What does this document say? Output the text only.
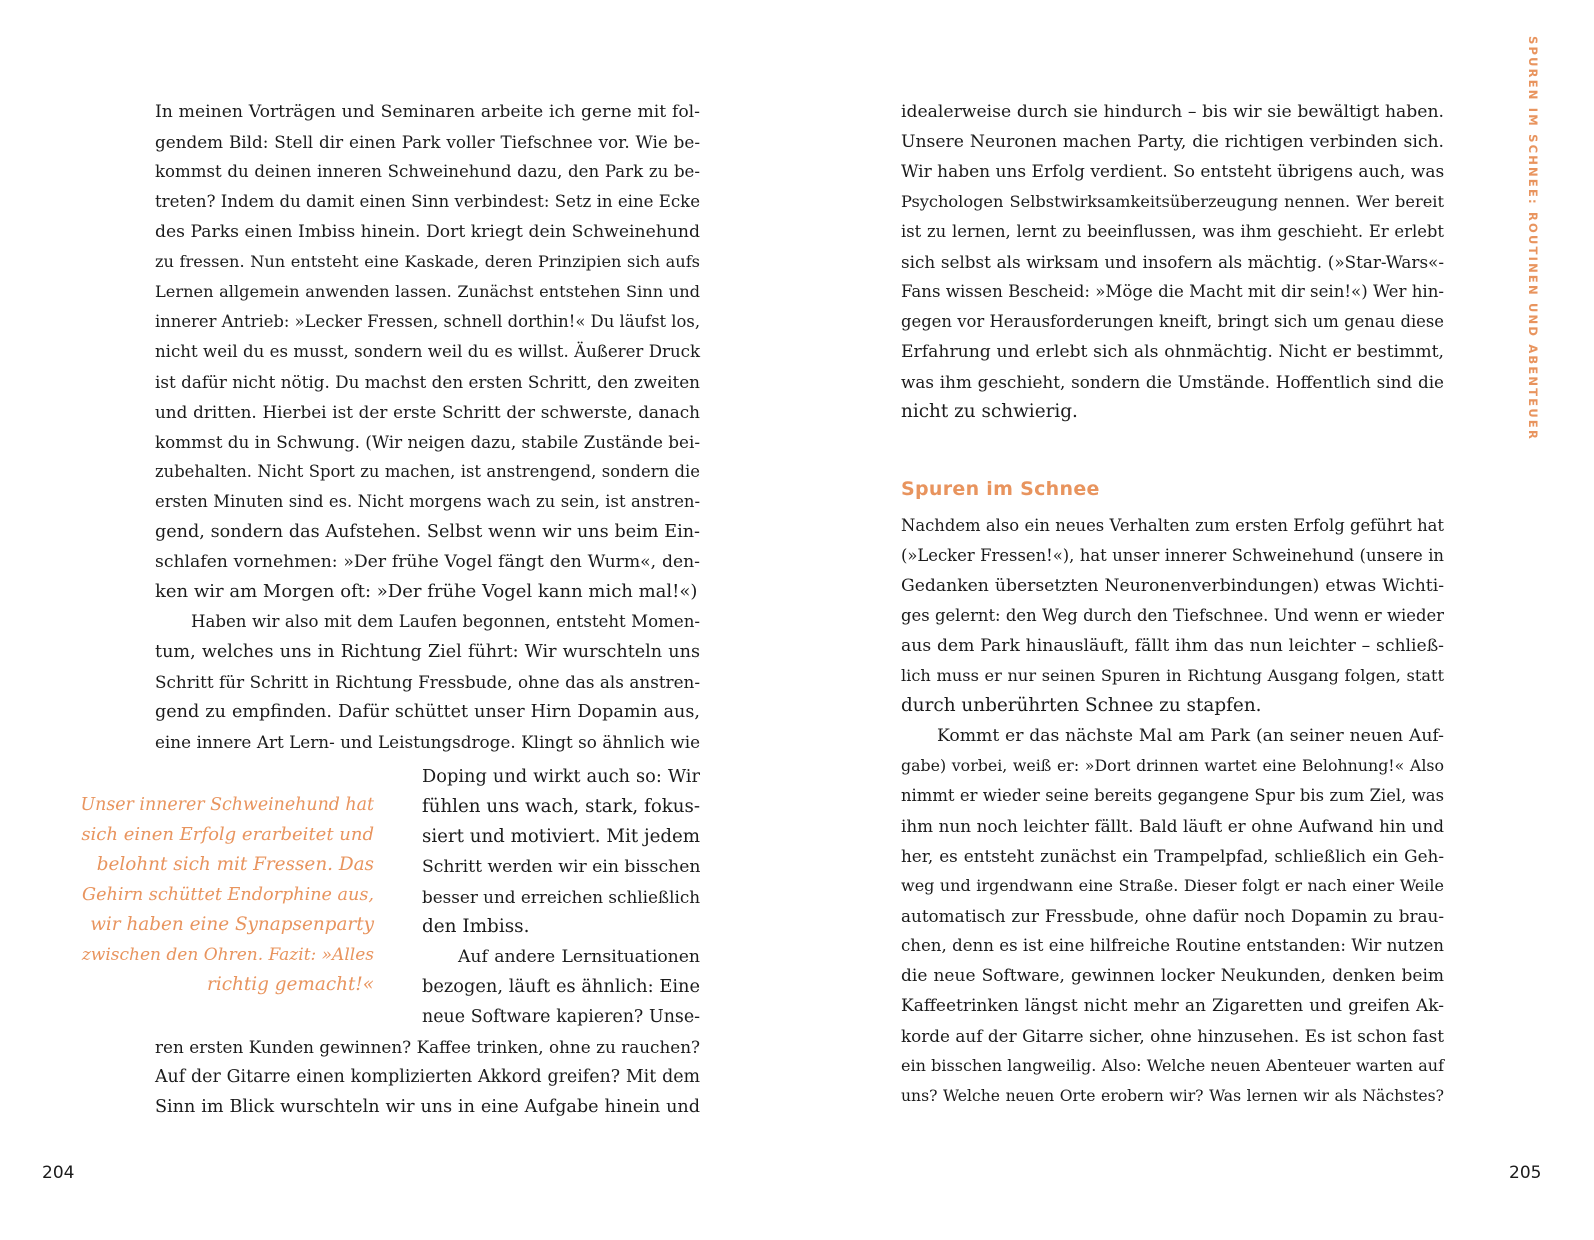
In meinen Vorträgen und Seminaren arbeite ich gerne mit fol-
gendem Bild: Stell dir einen Park voller Tiefschnee vor. Wie be-
kommst du deinen inneren Schweinehund dazu, den Park zu be-
treten? Indem du damit einen Sinn verbindest: Setz in eine Ecke
des Parks einen Imbiss hinein. Dort kriegt dein Schweinehund
zu fressen. Nun entsteht eine Kaskade, deren Prinzipien sich aufs
Lernen allgemein anwenden lassen. Zunächst entstehen Sinn und
innerer Antrieb: »Lecker Fressen, schnell dorthin!« Du läufst los,
nicht weil du es musst, sondern weil du es willst. Äußerer Druck
ist dafür nicht nötig. Du machst den ersten Schritt, den zweiten
und dritten. Hierbei ist der erste Schritt der schwerste, danach
kommst du in Schwung. (Wir neigen dazu, stabile Zustände bei-
zubehalten. Nicht Sport zu machen, ist anstrengend, sondern die
ersten Minuten sind es. Nicht morgens wach zu sein, ist anstren-
gend, sondern das Aufstehen. Selbst wenn wir uns beim Ein-
schlafen vornehmen: »Der frühe Vogel fängt den Wurm«, den-
ken wir am Morgen oft: »Der frühe Vogel kann mich mal!«)
Haben wir also mit dem Laufen begonnen, entsteht Momen-
tum, welches uns in Richtung Ziel führt: Wir wurschteln uns
Schritt für Schritt in Richtung Fressbude, ohne das als anstren-
gend zu empfinden. Dafür schüttet unser Hirn Dopamin aus,
eine innere Art Lern- und Leistungsdroge. Klingt so ähnlich wie
Unser innerer Schweinehund hat
sich einen Erfolg erarbeitet und
belohnt sich mit Fressen. Das
Gehirn schüttet Endorphine aus,
wir haben eine Synapsenparty
zwischen den Ohren. Fazit: »Alles
richtig gemacht!«
Doping und wirkt auch so: Wir
fühlen uns wach, stark, fokus-
siert und motiviert. Mit jedem
Schritt werden wir ein bisschen
besser und erreichen schließlich
den Imbiss.
Auf andere Lernsituationen
bezogen, läuft es ähnlich: Eine
neue Software kapieren? Unse-
ren ersten Kunden gewinnen? Kaffee trinken, ohne zu rauchen?
Auf der Gitarre einen komplizierten Akkord greifen? Mit dem
Sinn im Blick wurschteln wir uns in eine Aufgabe hinein und
204
idealerweise durch sie hindurch – bis wir sie bewältigt haben.
Unsere Neuronen machen Party, die richtigen verbinden sich.
Wir haben uns Erfolg verdient. So entsteht übrigens auch, was
Psychologen Selbstwirksamkeitsüberzeugung nennen. Wer bereit
ist zu lernen, lernt zu beeinflussen, was ihm geschieht. Er erlebt
sich selbst als wirksam und insofern als mächtig. (»Star-Wars«-
Fans wissen Bescheid: »Möge die Macht mit dir sein!«) Wer hin-
gegen vor Herausforderungen kneift, bringt sich um genau diese
Erfahrung und erlebt sich als ohnmächtig. Nicht er bestimmt,
was ihm geschieht, sondern die Umstände. Hoffentlich sind die
nicht zu schwierig.
Spuren im Schnee
Nachdem also ein neues Verhalten zum ersten Erfolg geführt hat
(»Lecker Fressen!«), hat unser innerer Schweinehund (unsere in
Gedanken übersetzten Neuronenverbindungen) etwas Wichti-
ges gelernt: den Weg durch den Tiefschnee. Und wenn er wieder
aus dem Park hinausläuft, fällt ihm das nun leichter – schließ-
lich muss er nur seinen Spuren in Richtung Ausgang folgen, statt
durch unberührten Schnee zu stapfen.
Kommt er das nächste Mal am Park (an seiner neuen Auf-
gabe) vorbei, weiß er: »Dort drinnen wartet eine Belohnung!« Also
nimmt er wieder seine bereits gegangene Spur bis zum Ziel, was
ihm nun noch leichter fällt. Bald läuft er ohne Aufwand hin und
her, es entsteht zunächst ein Trampelpfad, schließlich ein Geh-
weg und irgendwann eine Straße. Dieser folgt er nach einer Weile
automatisch zur Fressbude, ohne dafür noch Dopamin zu brau-
chen, denn es ist eine hilfreiche Routine entstanden: Wir nutzen
die neue Software, gewinnen locker Neukunden, denken beim
Kaffeetrinken längst nicht mehr an Zigaretten und greifen Ak-
korde auf der Gitarre sicher, ohne hinzusehen. Es ist schon fast
ein bisschen langweilig. Also: Welche neuen Abenteuer warten auf
uns? Welche neuen Orte erobern wir? Was lernen wir als Nächstes?
SPUREN IM SCHNEE: ROUTINEN UND ABENTEUER
205
